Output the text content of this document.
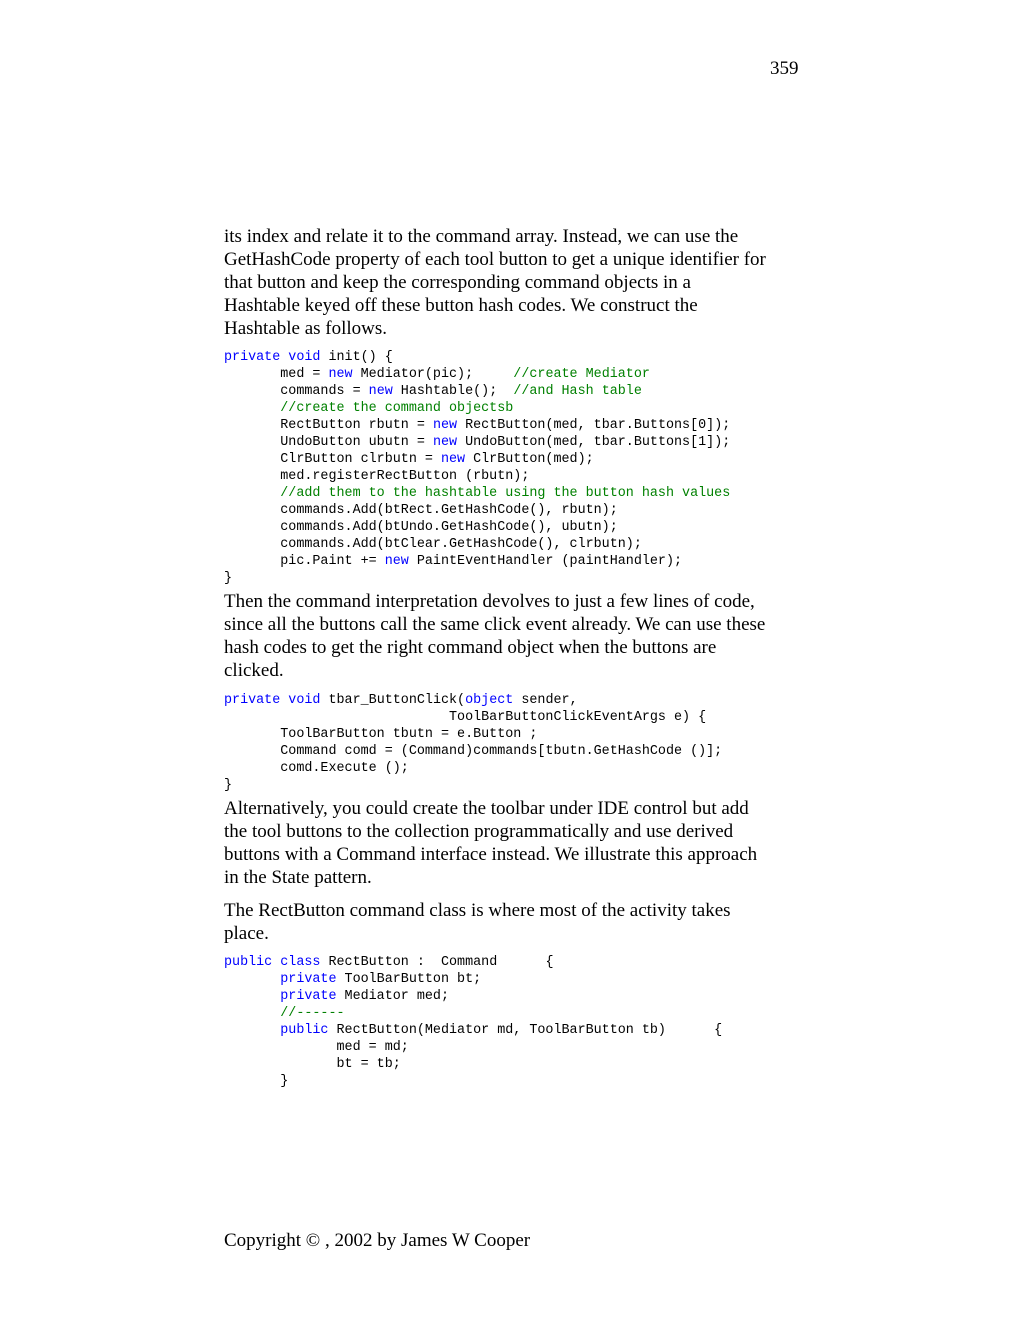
359
its index and relate it to the command array. Instead, we can use the
GetHashCode property of each tool button to get a unique identifier for
that button and keep the corresponding command objects in a
Hashtable keyed off these button hash codes. We construct the
Hashtable as follows.
private void init() {
med = new Mediator(pic);     //create Mediator
commands = new Hashtable();  //and Hash table
//create the command objectsb
RectButton rbutn = new RectButton(med, tbar.Buttons[0]);
UndoButton ubutn = new UndoButton(med, tbar.Buttons[1]);
ClrButton clrbutn = new ClrButton(med);
med.registerRectButton (rbutn);
//add them to the hashtable using the button hash values
commands.Add(btRect.GetHashCode(), rbutn);
commands.Add(btUndo.GetHashCode(), ubutn);
commands.Add(btClear.GetHashCode(), clrbutn);
pic.Paint += new PaintEventHandler (paintHandler);
}
Then the command interpretation devolves to just a few lines of code,
since all the buttons call the same click event already. We can use these
hash codes to get the right command object when the buttons are
clicked.
private void tbar_ButtonClick(object sender,
ToolBarButtonClickEventArgs e) {
ToolBarButton tbutn = e.Button ;
Command comd = (Command)commands[tbutn.GetHashCode ()];
comd.Execute ();
}
Alternatively, you could create the toolbar under IDE control but add
the tool buttons to the collection programmatically and use derived
buttons with a Command interface instead. We illustrate this approach
in the State pattern.
The RectButton command class is where most of the activity takes
place.
public class RectButton :  Command      {
private ToolBarButton bt;
private Mediator med;
//------
public RectButton(Mediator md, ToolBarButton tb)      {
med = md;
bt = tb;
}
Copyright © , 2002 by James W Cooper
